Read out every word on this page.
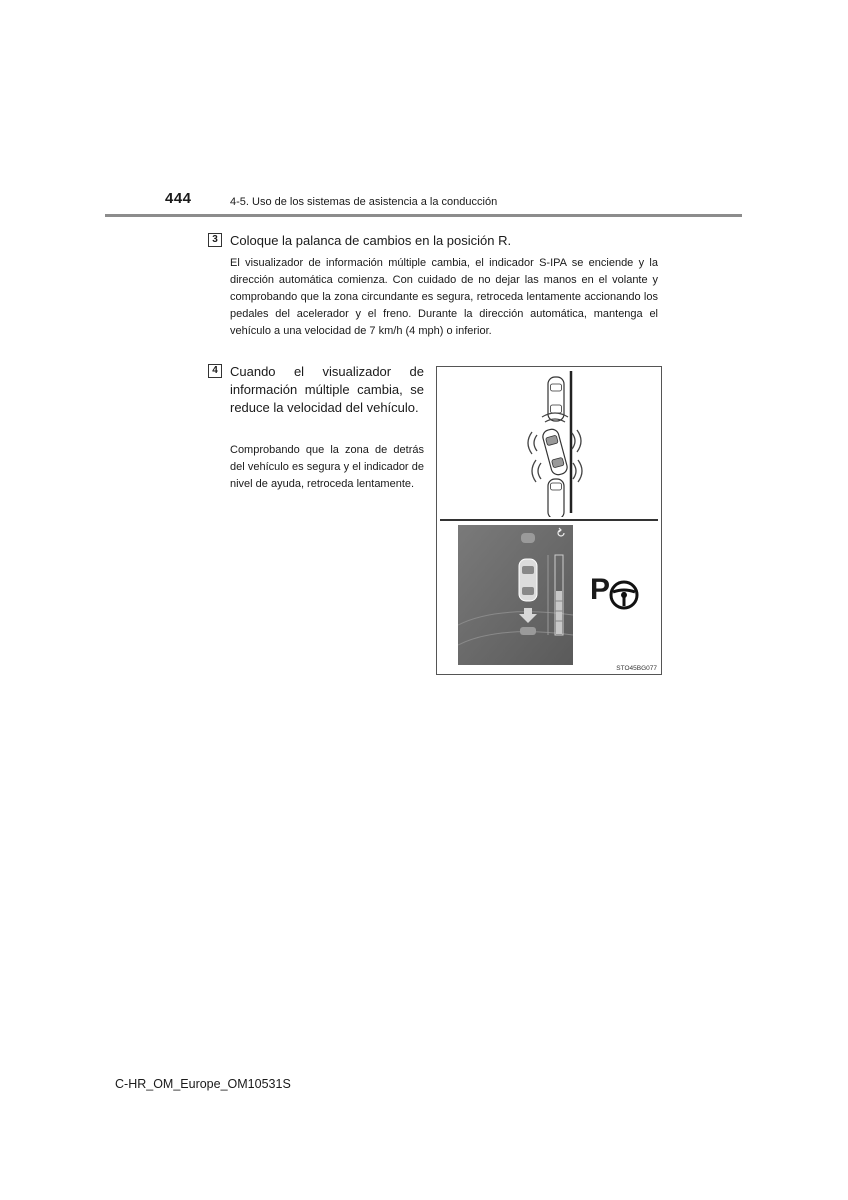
444	4-5. Uso de los sistemas de asistencia a la conducción
3 Coloque la palanca de cambios en la posición R.
El visualizador de información múltiple cambia, el indicador S-IPA se enciende y la dirección automática comienza. Con cuidado de no dejar las manos en el volante y comprobando que la zona circundante es segura, retroceda lentamente accionando los pedales del acelerador y el freno. Durante la dirección automática, mantenga el vehículo a una velocidad de 7 km/h (4 mph) o inferior.
4 Cuando el visualizador de información múltiple cambia, se reduce la velocidad del vehículo.
Comprobando que la zona de detrás del vehículo es segura y el indicador de nivel de ayuda, retroceda lentamente.
P
STO45BG077
C-HR_OM_Europe_OM10531S
